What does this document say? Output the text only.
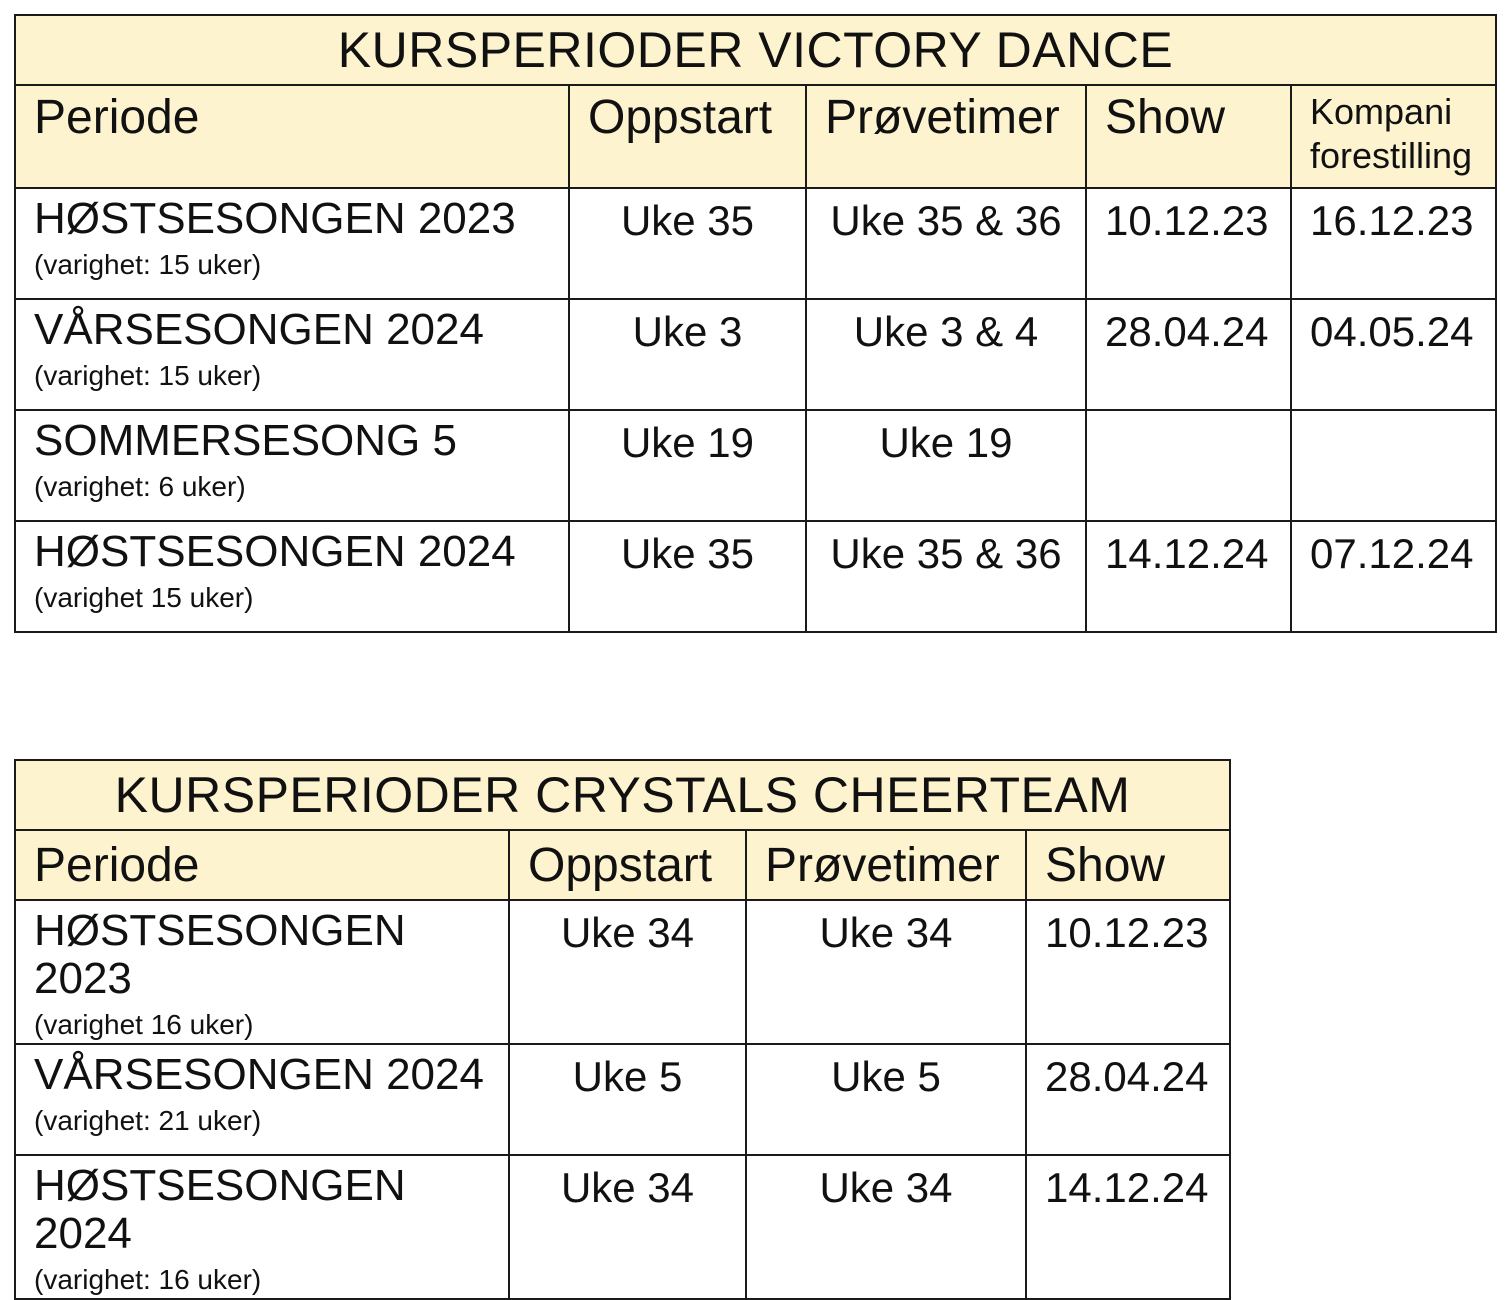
KURSPERIODER VICTORY DANCE				
Periode	Oppstart	Prøvetimer	Show	Kompani
forestilling
HØSTSESONGEN 2023
(varighet: 15 uker)	Uke 35	Uke 35 & 36	10.12.23	16.12.23
VÅRSESONGEN 2024
(varighet: 15 uker)	Uke 3	Uke 3 & 4	28.04.24	04.05.24
SOMMERSESONG 5
(varighet: 6 uker)	Uke 19	Uke 19		
HØSTSESONGEN 2024
(varighet 15 uker)	Uke 35	Uke 35 & 36	14.12.24	07.12.24
KURSPERIODER CRYSTALS CHEERTEAM			
Periode	Oppstart	Prøvetimer	Show
HØSTSESONGEN 2023
(varighet 16 uker)	Uke 34	Uke 34	10.12.23
VÅRSESONGEN 2024
(varighet: 21 uker)	Uke 5	Uke 5	28.04.24
HØSTSESONGEN 2024
(varighet: 16 uker)	Uke 34	Uke 34	14.12.24
